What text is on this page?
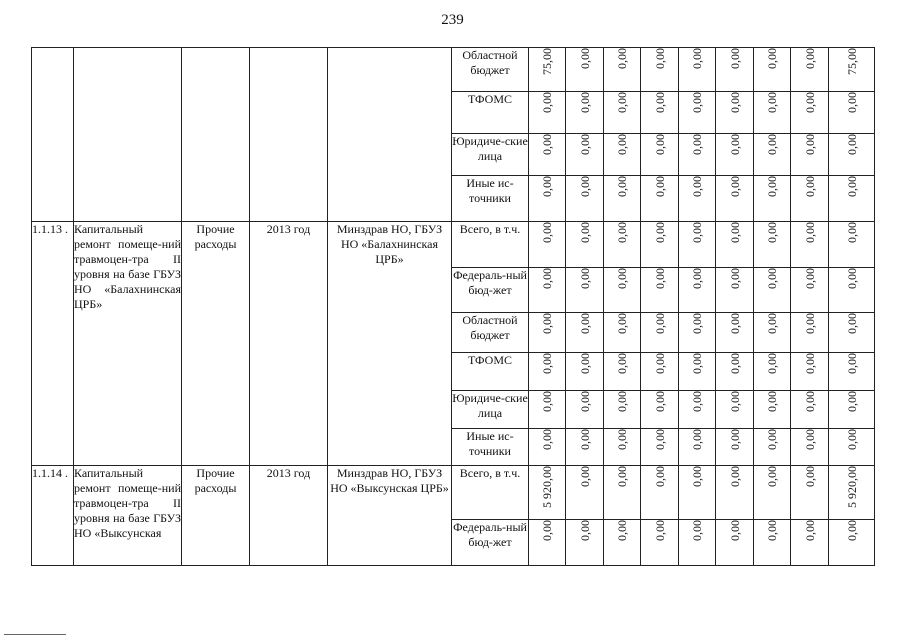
239
					Областной бюджет	75,00	0,00	0,00	0,00	0,00	0,00	0,00	0,00	75,00
					ТФОМС	0,00	0,00	0,00	0,00	0,00	0,00	0,00	0,00	0,00
					Юридиче-ские лица	0,00	0,00	0,00	0,00	0,00	0,00	0,00	0,00	0,00
					Иные ис-точники	0,00	0,00	0,00	0,00	0,00	0,00	0,00	0,00	0,00
1.1.13 .	Капитальный ремонт помеще-ний травмоцен-тра II уровня на базе ГБУЗ НО «Балахнинская ЦРБ»	Прочие расходы	2013 год	Минздрав НО, ГБУЗ НО «Балахнинская ЦРБ»	Всего, в т.ч.	0,00	0,00	0,00	0,00	0,00	0,00	0,00	0,00	0,00
					Федераль-ный бюд-жет	0,00	0,00	0,00	0,00	0,00	0,00	0,00	0,00	0,00
					Областной бюджет	0,00	0,00	0,00	0,00	0,00	0,00	0,00	0,00	0,00
					ТФОМС	0,00	0,00	0,00	0,00	0,00	0,00	0,00	0,00	0,00
					Юридиче-ские лица	0,00	0,00	0,00	0,00	0,00	0,00	0,00	0,00	0,00
					Иные ис-точники	0,00	0,00	0,00	0,00	0,00	0,00	0,00	0,00	0,00
1.1.14 .	Капитальный ремонт помеще-ний травмоцен-тра II уровня на базе ГБУЗ НО «Выксунская	Прочие расходы	2013 год	Минздрав НО, ГБУЗ НО «Выксунская ЦРБ»	Всего, в т.ч.	5 920,00	0,00	0,00	0,00	0,00	0,00	0,00	0,00	5 920,00
					Федераль-ный бюд-жет	0,00	0,00	0,00	0,00	0,00	0,00	0,00	0,00	0,00
